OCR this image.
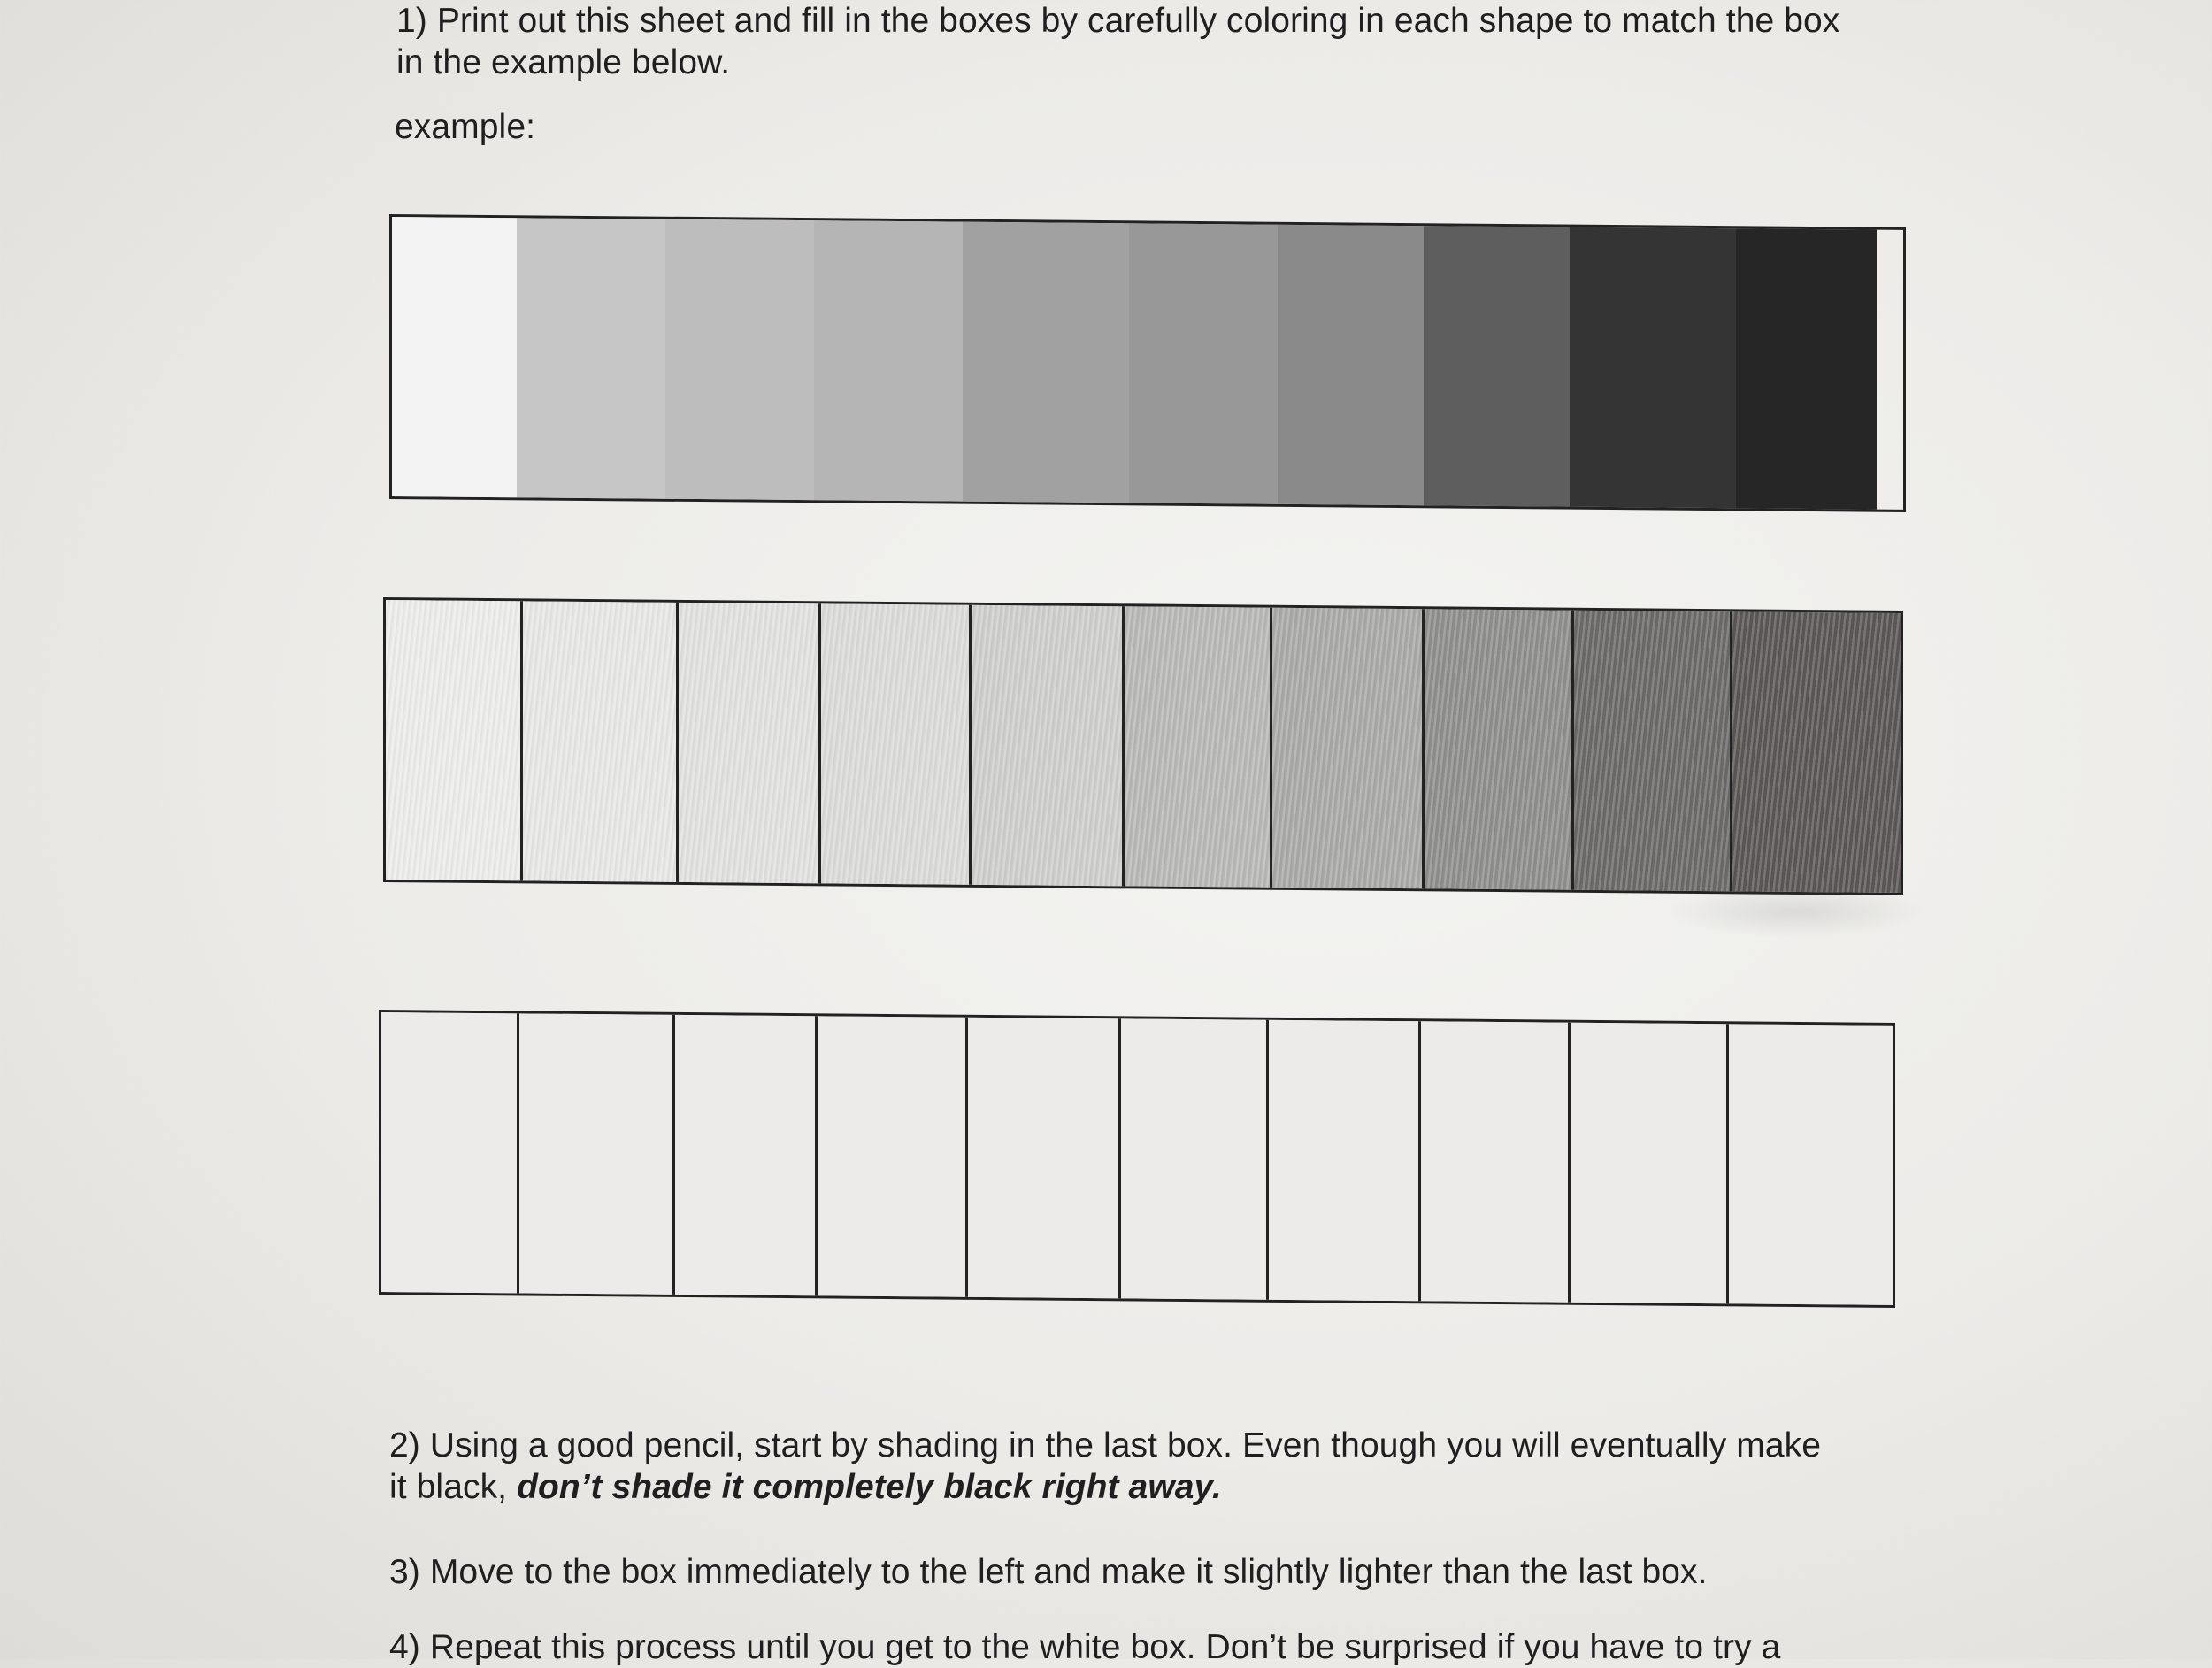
1) Print out this sheet and fill in the boxes by carefully coloring in each shape to match the box
in the example below.
example:
2) Using a good pencil, start by shading in the last box. Even though you will eventually make
it black, don’t shade it completely black right away.
3) Move to the box immediately to the left and make it slightly lighter than the last box.
4) Repeat this process until you get to the white box. Don’t be surprised if you have to try a
